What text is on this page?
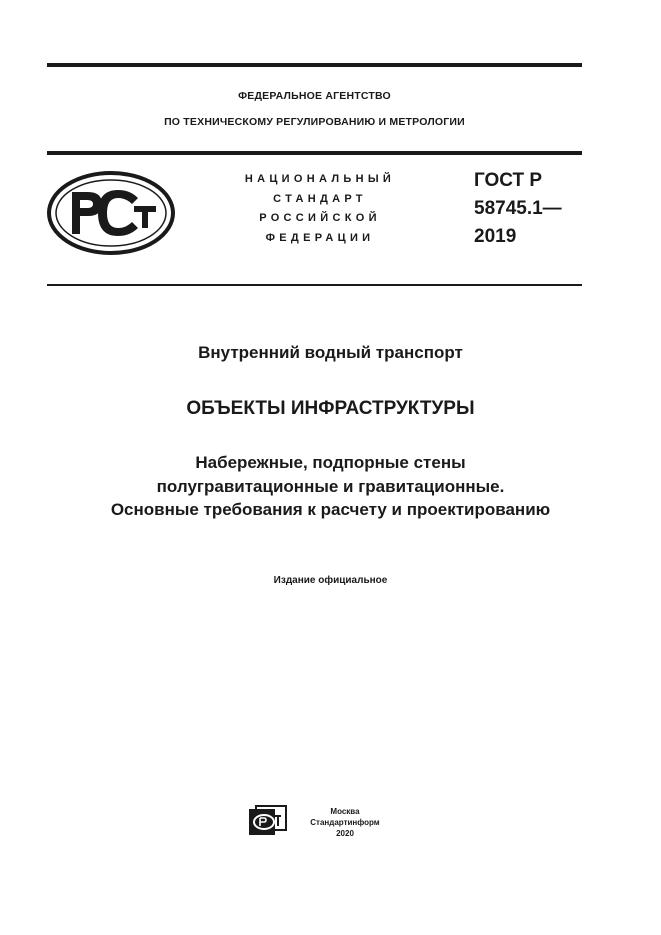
ФЕДЕРАЛЬНОЕ АГЕНТСТВО
ПО ТЕХНИЧЕСКОМУ РЕГУЛИРОВАНИЮ И МЕТРОЛОГИИ
НАЦИОНАЛЬНЫЙ
СТАНДАРТ
РОССИЙСКОЙ
ФЕДЕРАЦИИ
ГОСТ Р
58745.1—
2019
Внутренний водный транспорт
ОБЪЕКТЫ ИНФРАСТРУКТУРЫ
Набережные, подпорные стены
полугравитационные и гравитационные.
Основные требования к расчету и проектированию
Издание официальное
Москва
Стандартинформ
2020
